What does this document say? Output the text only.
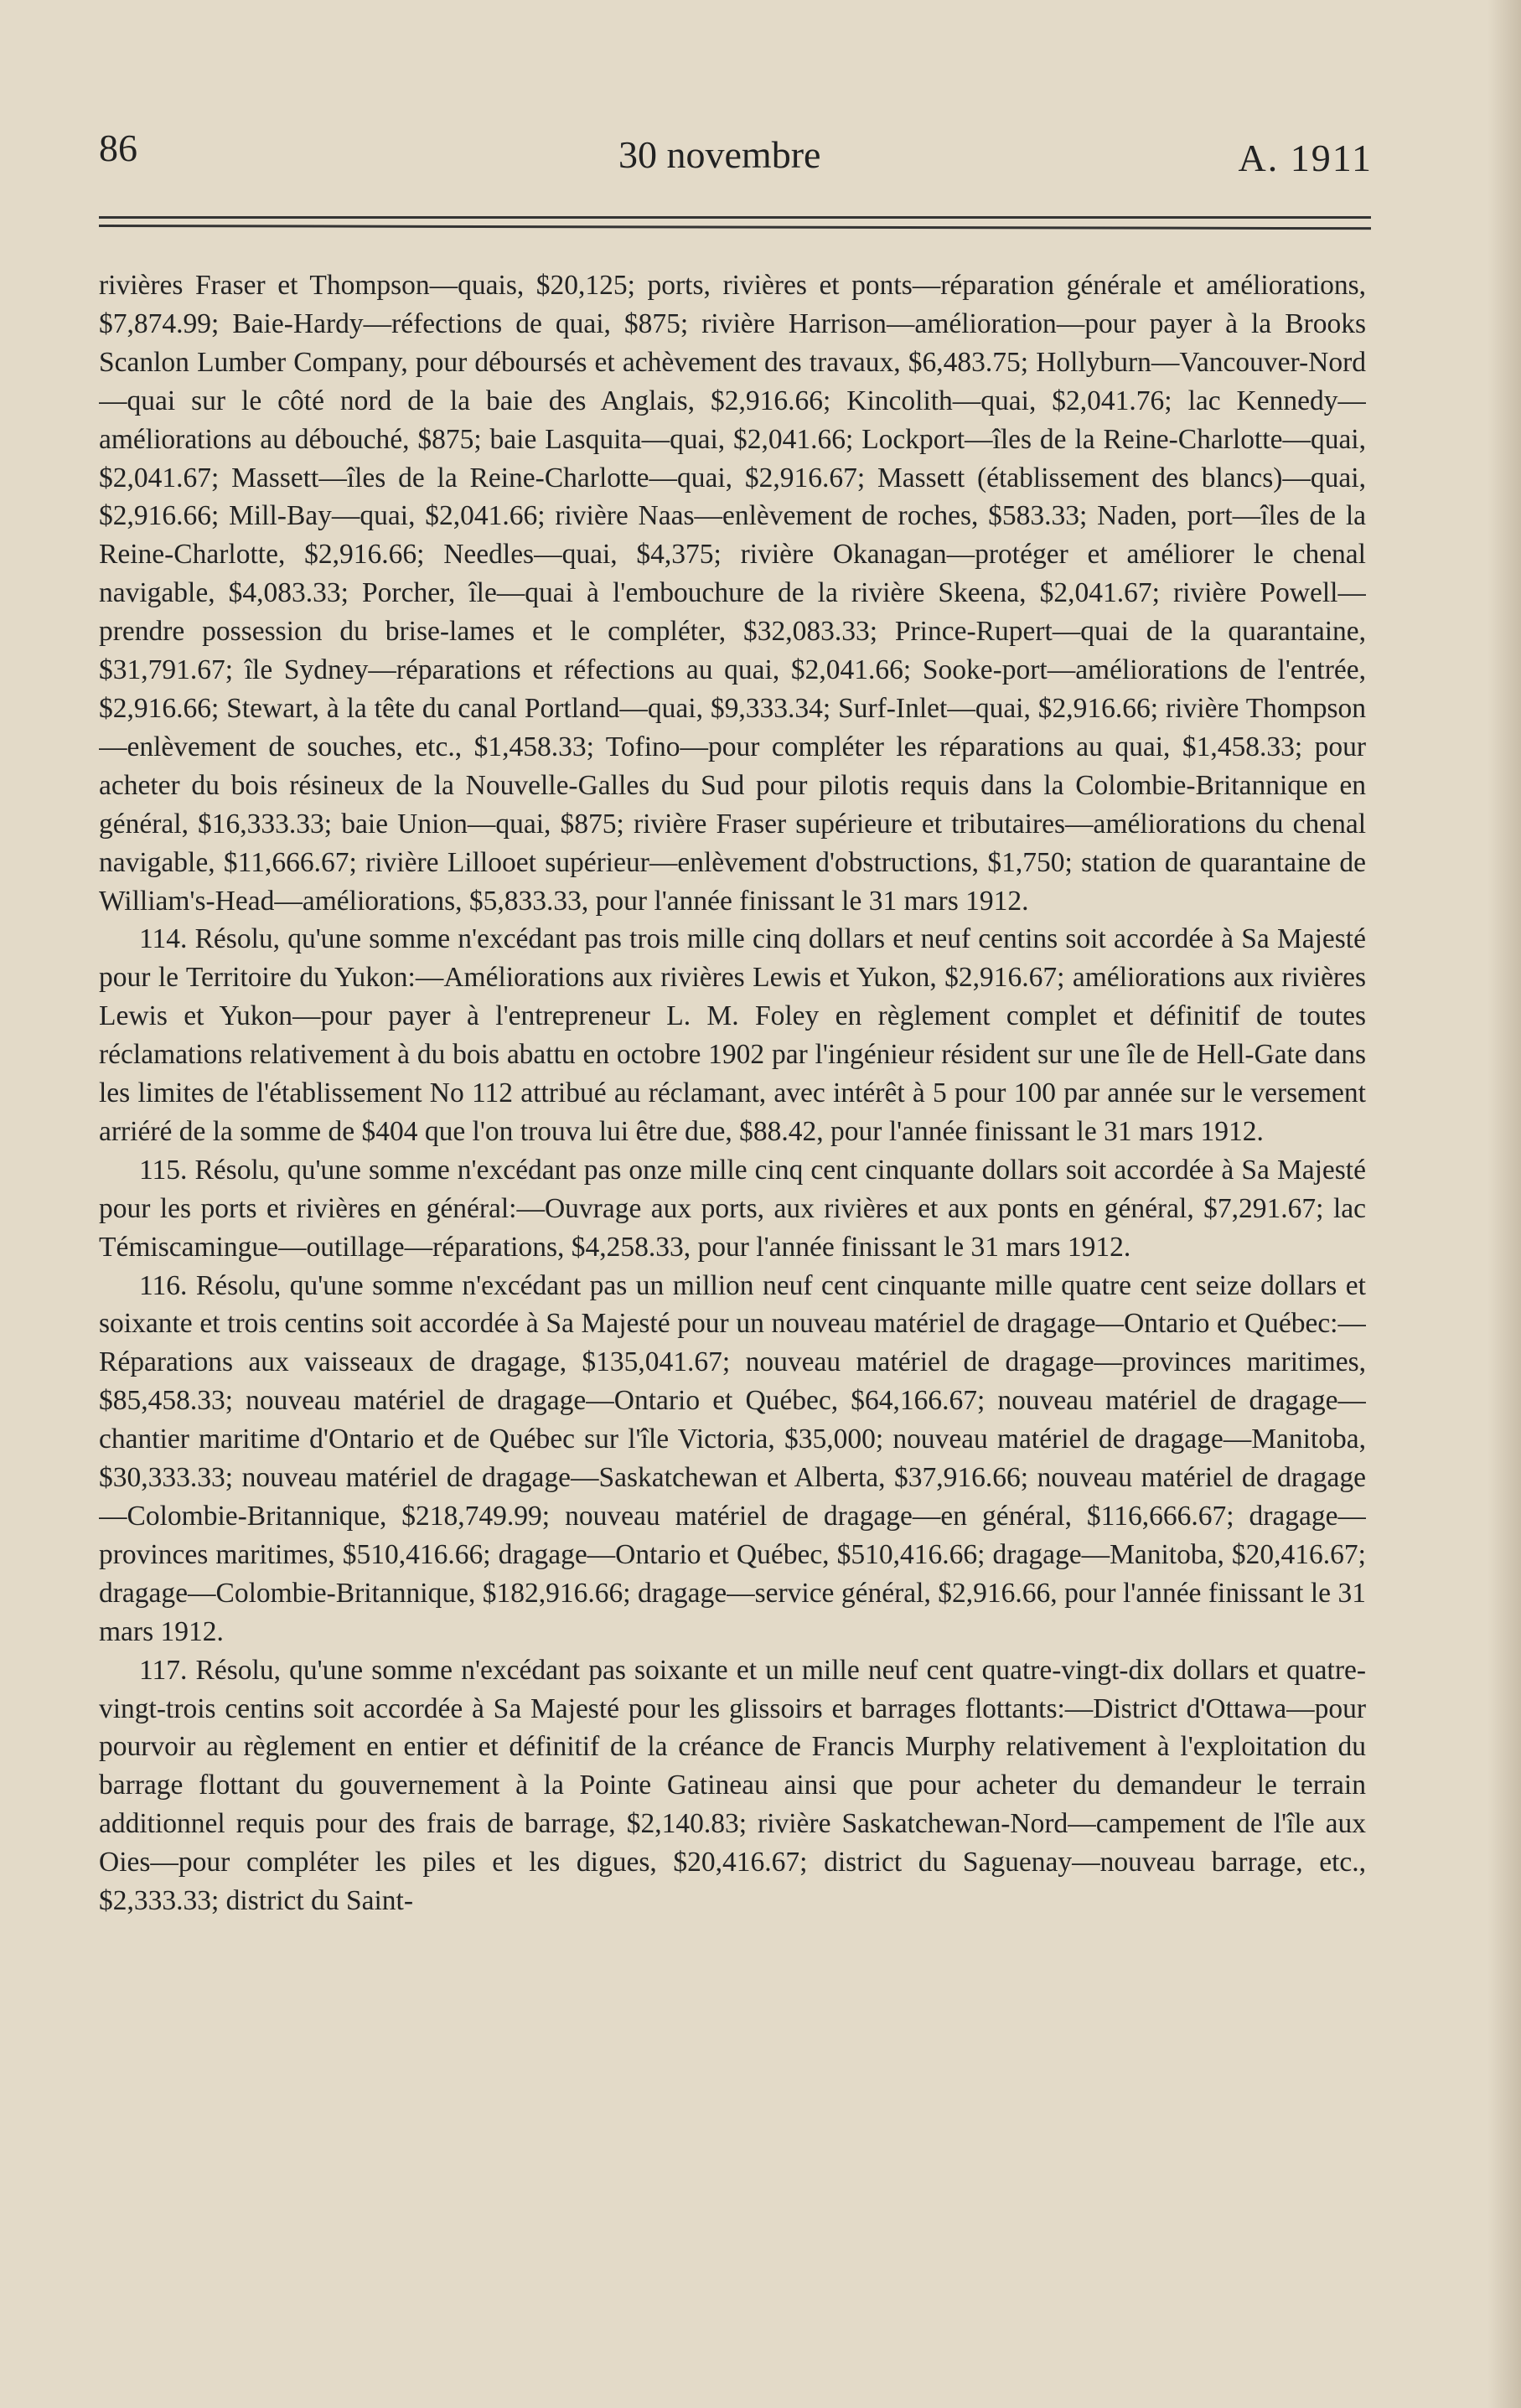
86	30 novembre	A. 1911

rivières Fraser et Thompson—quais, $20,125; ports, rivières et ponts—réparation générale et améliorations, $7,874.99; Baie-Hardy—réfections de quai, $875; rivière Harrison—amélioration—pour payer à la Brooks Scanlon Lumber Company, pour déboursés et achèvement des travaux, $6,483.75; Hollyburn—Vancouver-Nord—quai sur le côté nord de la baie des Anglais, $2,916.66; Kincolith—quai, $2,041.76; lac Kennedy—améliorations au débouché, $875; baie Lasquita—quai, $2,041.66; Lockport—îles de la Reine-Charlotte—quai, $2,041.67; Massett—îles de la Reine-Charlotte—quai, $2,916.67; Massett (établissement des blancs)—quai, $2,916.66; Mill-Bay—quai, $2,041.66; rivière Naas—enlèvement de roches, $583.33; Naden, port—îles de la Reine-Charlotte, $2,916.66; Needles—quai, $4,375; rivière Okanagan—protéger et améliorer le chenal navigable, $4,083.33; Porcher, île—quai à l'embouchure de la rivière Skeena, $2,041.67; rivière Powell—prendre possession du brise-lames et le compléter, $32,083.33; Prince-Rupert—quai de la quarantaine, $31,791.67; île Sydney—réparations et réfections au quai, $2,041.66; Sooke-port—améliorations de l'entrée, $2,916.66; Stewart, à la tête du canal Portland—quai, $9,333.34; Surf-Inlet—quai, $2,916.66; rivière Thompson—enlèvement de souches, etc., $1,458.33; Tofino—pour compléter les réparations au quai, $1,458.33; pour acheter du bois résineux de la Nouvelle-Galles du Sud pour pilotis requis dans la Colombie-Britannique en général, $16,333.33; baie Union—quai, $875; rivière Fraser supérieure et tributaires—améliorations du chenal navigable, $11,666.67; rivière Lillooet supérieur—enlèvement d'obstructions, $1,750; station de quarantaine de William's-Head—améliorations, $5,833.33, pour l'année finissant le 31 mars 1912.

114. Résolu, qu'une somme n'excédant pas trois mille cinq dollars et neuf centins soit accordée à Sa Majesté pour le Territoire du Yukon:—Améliorations aux rivières Lewis et Yukon, $2,916.67; améliorations aux rivières Lewis et Yukon—pour payer à l'entrepreneur L. M. Foley en règlement complet et définitif de toutes réclamations relativement à du bois abattu en octobre 1902 par l'ingénieur résident sur une île de Hell-Gate dans les limites de l'établissement No 112 attribué au réclamant, avec intérêt à 5 pour 100 par année sur le versement arriéré de la somme de $404 que l'on trouva lui être due, $88.42, pour l'année finissant le 31 mars 1912.

115. Résolu, qu'une somme n'excédant pas onze mille cinq cent cinquante dollars soit accordée à Sa Majesté pour les ports et rivières en général:—Ouvrage aux ports, aux rivières et aux ponts en général, $7,291.67; lac Témiscamingue—outillage—réparations, $4,258.33, pour l'année finissant le 31 mars 1912.

116. Résolu, qu'une somme n'excédant pas un million neuf cent cinquante mille quatre cent seize dollars et soixante et trois centins soit accordée à Sa Majesté pour un nouveau matériel de dragage—Ontario et Québec:—Réparations aux vaisseaux de dragage, $135,041.67; nouveau matériel de dragage—provinces maritimes, $85,458.33; nouveau matériel de dragage—Ontario et Québec, $64,166.67; nouveau matériel de dragage—chantier maritime d'Ontario et de Québec sur l'île Victoria, $35,000; nouveau matériel de dragage—Manitoba, $30,333.33; nouveau matériel de dragage—Saskatchewan et Alberta, $37,916.66; nouveau matériel de dragage—Colombie-Britannique, $218,749.99; nouveau matériel de dragage—en général, $116,666.67; dragage—provinces maritimes, $510,416.66; dragage—Ontario et Québec, $510,416.66; dragage—Manitoba, $20,416.67; dragage—Colombie-Britannique, $182,916.66; dragage—service général, $2,916.66, pour l'année finissant le 31 mars 1912.

117. Résolu, qu'une somme n'excédant pas soixante et un mille neuf cent quatre-vingt-dix dollars et quatre-vingt-trois centins soit accordée à Sa Majesté pour les glissoirs et barrages flottants:—District d'Ottawa—pour pourvoir au règlement en entier et définitif de la créance de Francis Murphy relativement à l'exploitation du barrage flottant du gouvernement à la Pointe Gatineau ainsi que pour acheter du demandeur le terrain additionnel requis pour des frais de barrage, $2,140.83; rivière Saskatchewan-Nord—campement de l'île aux Oies—pour compléter les piles et les digues, $20,416.67; district du Saguenay—nouveau barrage, etc., $2,333.33; district du Saint-
